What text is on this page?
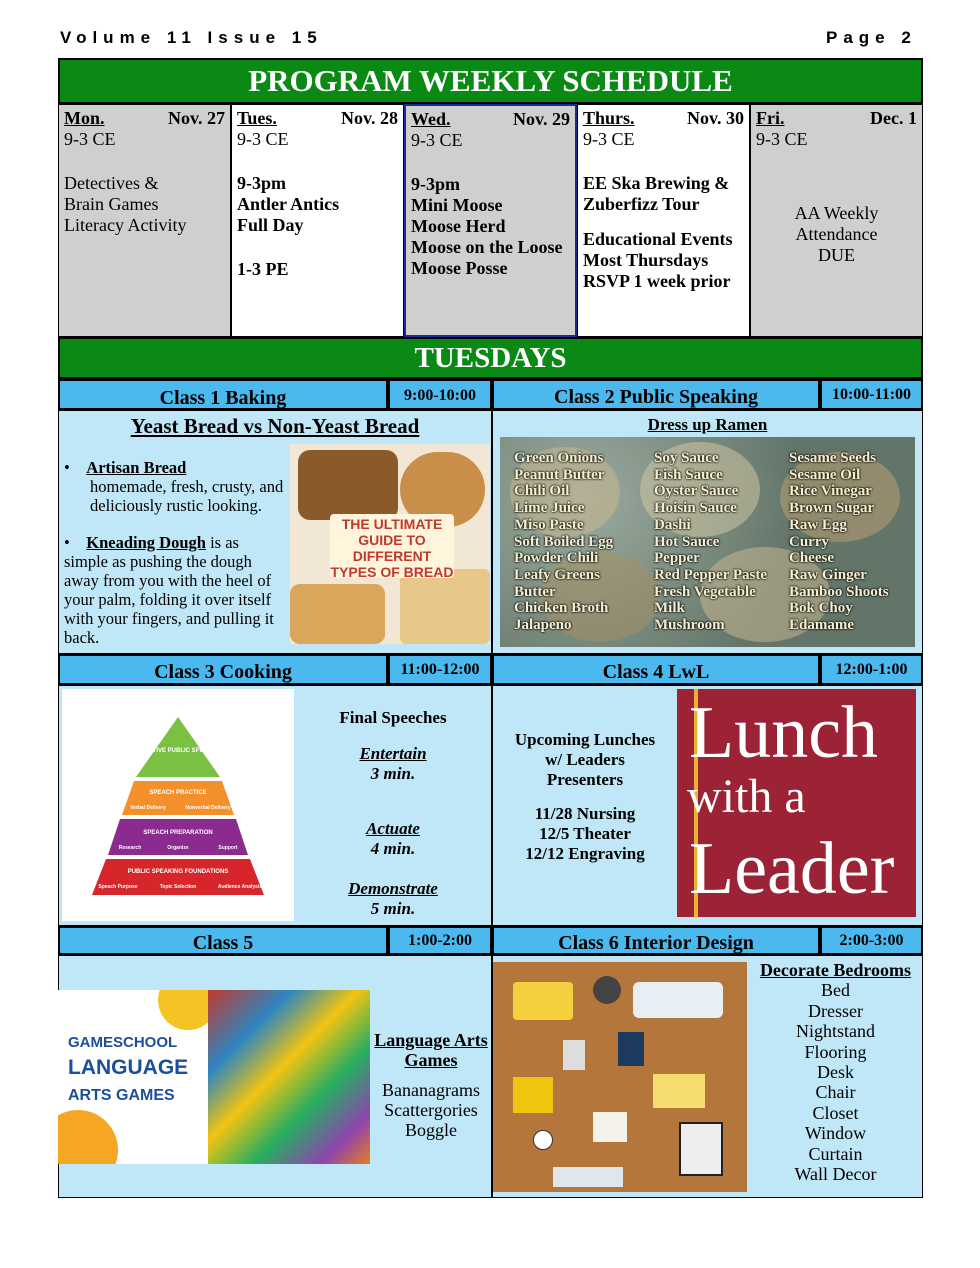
Volume 11 Issue 15	Page 2
PROGRAM WEEKLY SCHEDULE
Mon.	Nov. 27
9-3 CE
Detectives &
Brain Games
Literacy Activity
Tues.	Nov. 28
9-3 CE
9-3pm
Antler Antics
Full Day
1-3 PE
Wed.	Nov. 29
9-3 CE
9-3pm
Mini Moose
Moose Herd
Moose on the Loose
Moose Posse
Thurs.	Nov. 30
9-3 CE
EE Ska Brewing &
Zuberfizz Tour
Educational Events
Most Thursdays
RSVP 1 week prior
Fri.	Dec. 1
9-3 CE
AA Weekly
Attendance
DUE
TUESDAYS
Class 1 Baking	9:00-10:00
Yeast Bread vs Non-Yeast Bread
•    Artisan Bread
homemade, fresh, crusty, and deliciously rustic looking.
•    Kneading Dough is as simple as pushing the dough away from you with the heel of your palm, folding it over itself with your fingers, and pulling it back.
THE ULTIMATE GUIDE TO DIFFERENT TYPES OF BREAD
Class 2 Public Speaking	10:00-11:00
Dress up Ramen
Green Onions
Peanut Butter
Chili Oil
Lime Juice
Miso Paste
Soft Boiled Egg
Powder Chili
Leafy Greens
Butter
Chicken Broth
Jalapeno
Soy Sauce
Fish Sauce
Oyster Sauce
Hoisin Sauce
Dashi
Hot Sauce
Pepper
Red Pepper Paste
Fresh Vegetable
Milk
Mushroom
Sesame Seeds
Sesame Oil
Rice Vinegar
Brown Sugar
Raw Egg
Curry
Cheese
Raw Ginger
Bamboo Shoots
Bok Choy
Edamame
Class 3 Cooking	11:00-12:00
EFFECTIVE PUBLIC SPEAKING
SPEACH PRACTICE
Verbal Delivery	Nonverbal Delivery
SPEACH PREPARATION
Research	Organize	Support
PUBLIC SPEAKING FOUNDATIONS
Speach Purpose	Topic Selection	Audience Analysis
Final Speeches
Entertain
3 min.
Actuate
4 min.
Demonstrate
5 min.
Class 4 LwL	12:00-1:00
Upcoming Lunches
w/ Leaders
Presenters
11/28 Nursing
12/5 Theater
12/12 Engraving
Lunch
with a
Leader
Class 5	1:00-2:00
GAMESCHOOL
LANGUAGE
ARTS GAMES
Language Arts Games
Bananagrams
Scattergories
Boggle
Class 6 Interior Design	2:00-3:00
Decorate Bedrooms
Bed
Dresser
Nightstand
Flooring
Desk
Chair
Closet
Window
Curtain
Wall Decor
